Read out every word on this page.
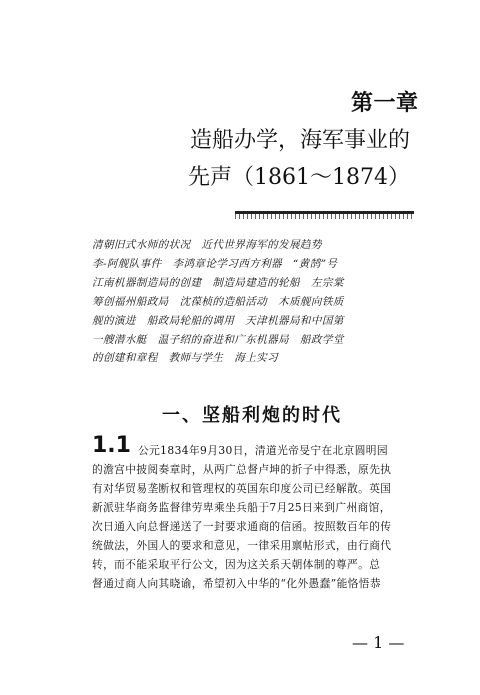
第一章
造船办学，海军事业的
先声（1861～1874）
清朝旧式水师的状况　近代世界海军的发展趋势
李-阿舰队事件　李鸿章论学习西方利器　“黄鹄”号
江南机器制造局的创建　制造局建造的轮船　左宗棠
筹创福州船政局　沈葆桢的造船活动　木质舰向铁质
舰的演进　船政局轮船的调用　天津机器局和中国第
一艘潜水艇　温子绍的奋进和广东机器局　船政学堂
的创建和章程　教师与学生　海上实习
一、坚船利炮的时代
1.1 公元1834年9月30日，清道光帝旻宁在北京圆明园
的澹宫中披阅奏章时，从两广总督卢坤的折子中得悉，原先执
有对华贸易垄断权和管理权的英国东印度公司已经解散。英国
新派驻华商务监督律劳卑乘坐兵船于7月25日来到广州商馆，
次日通入向总督递送了一封要求通商的信函。按照数百年的传
统做法，外国人的要求和意见，一律采用禀帖形式，由行商代
转，而不能采取平行公文，因为这关系天朝体制的尊严。总
督通过商人向其晓谕，希望初入中华的“化外愚蠢”能恪悟恭
— 1 —
